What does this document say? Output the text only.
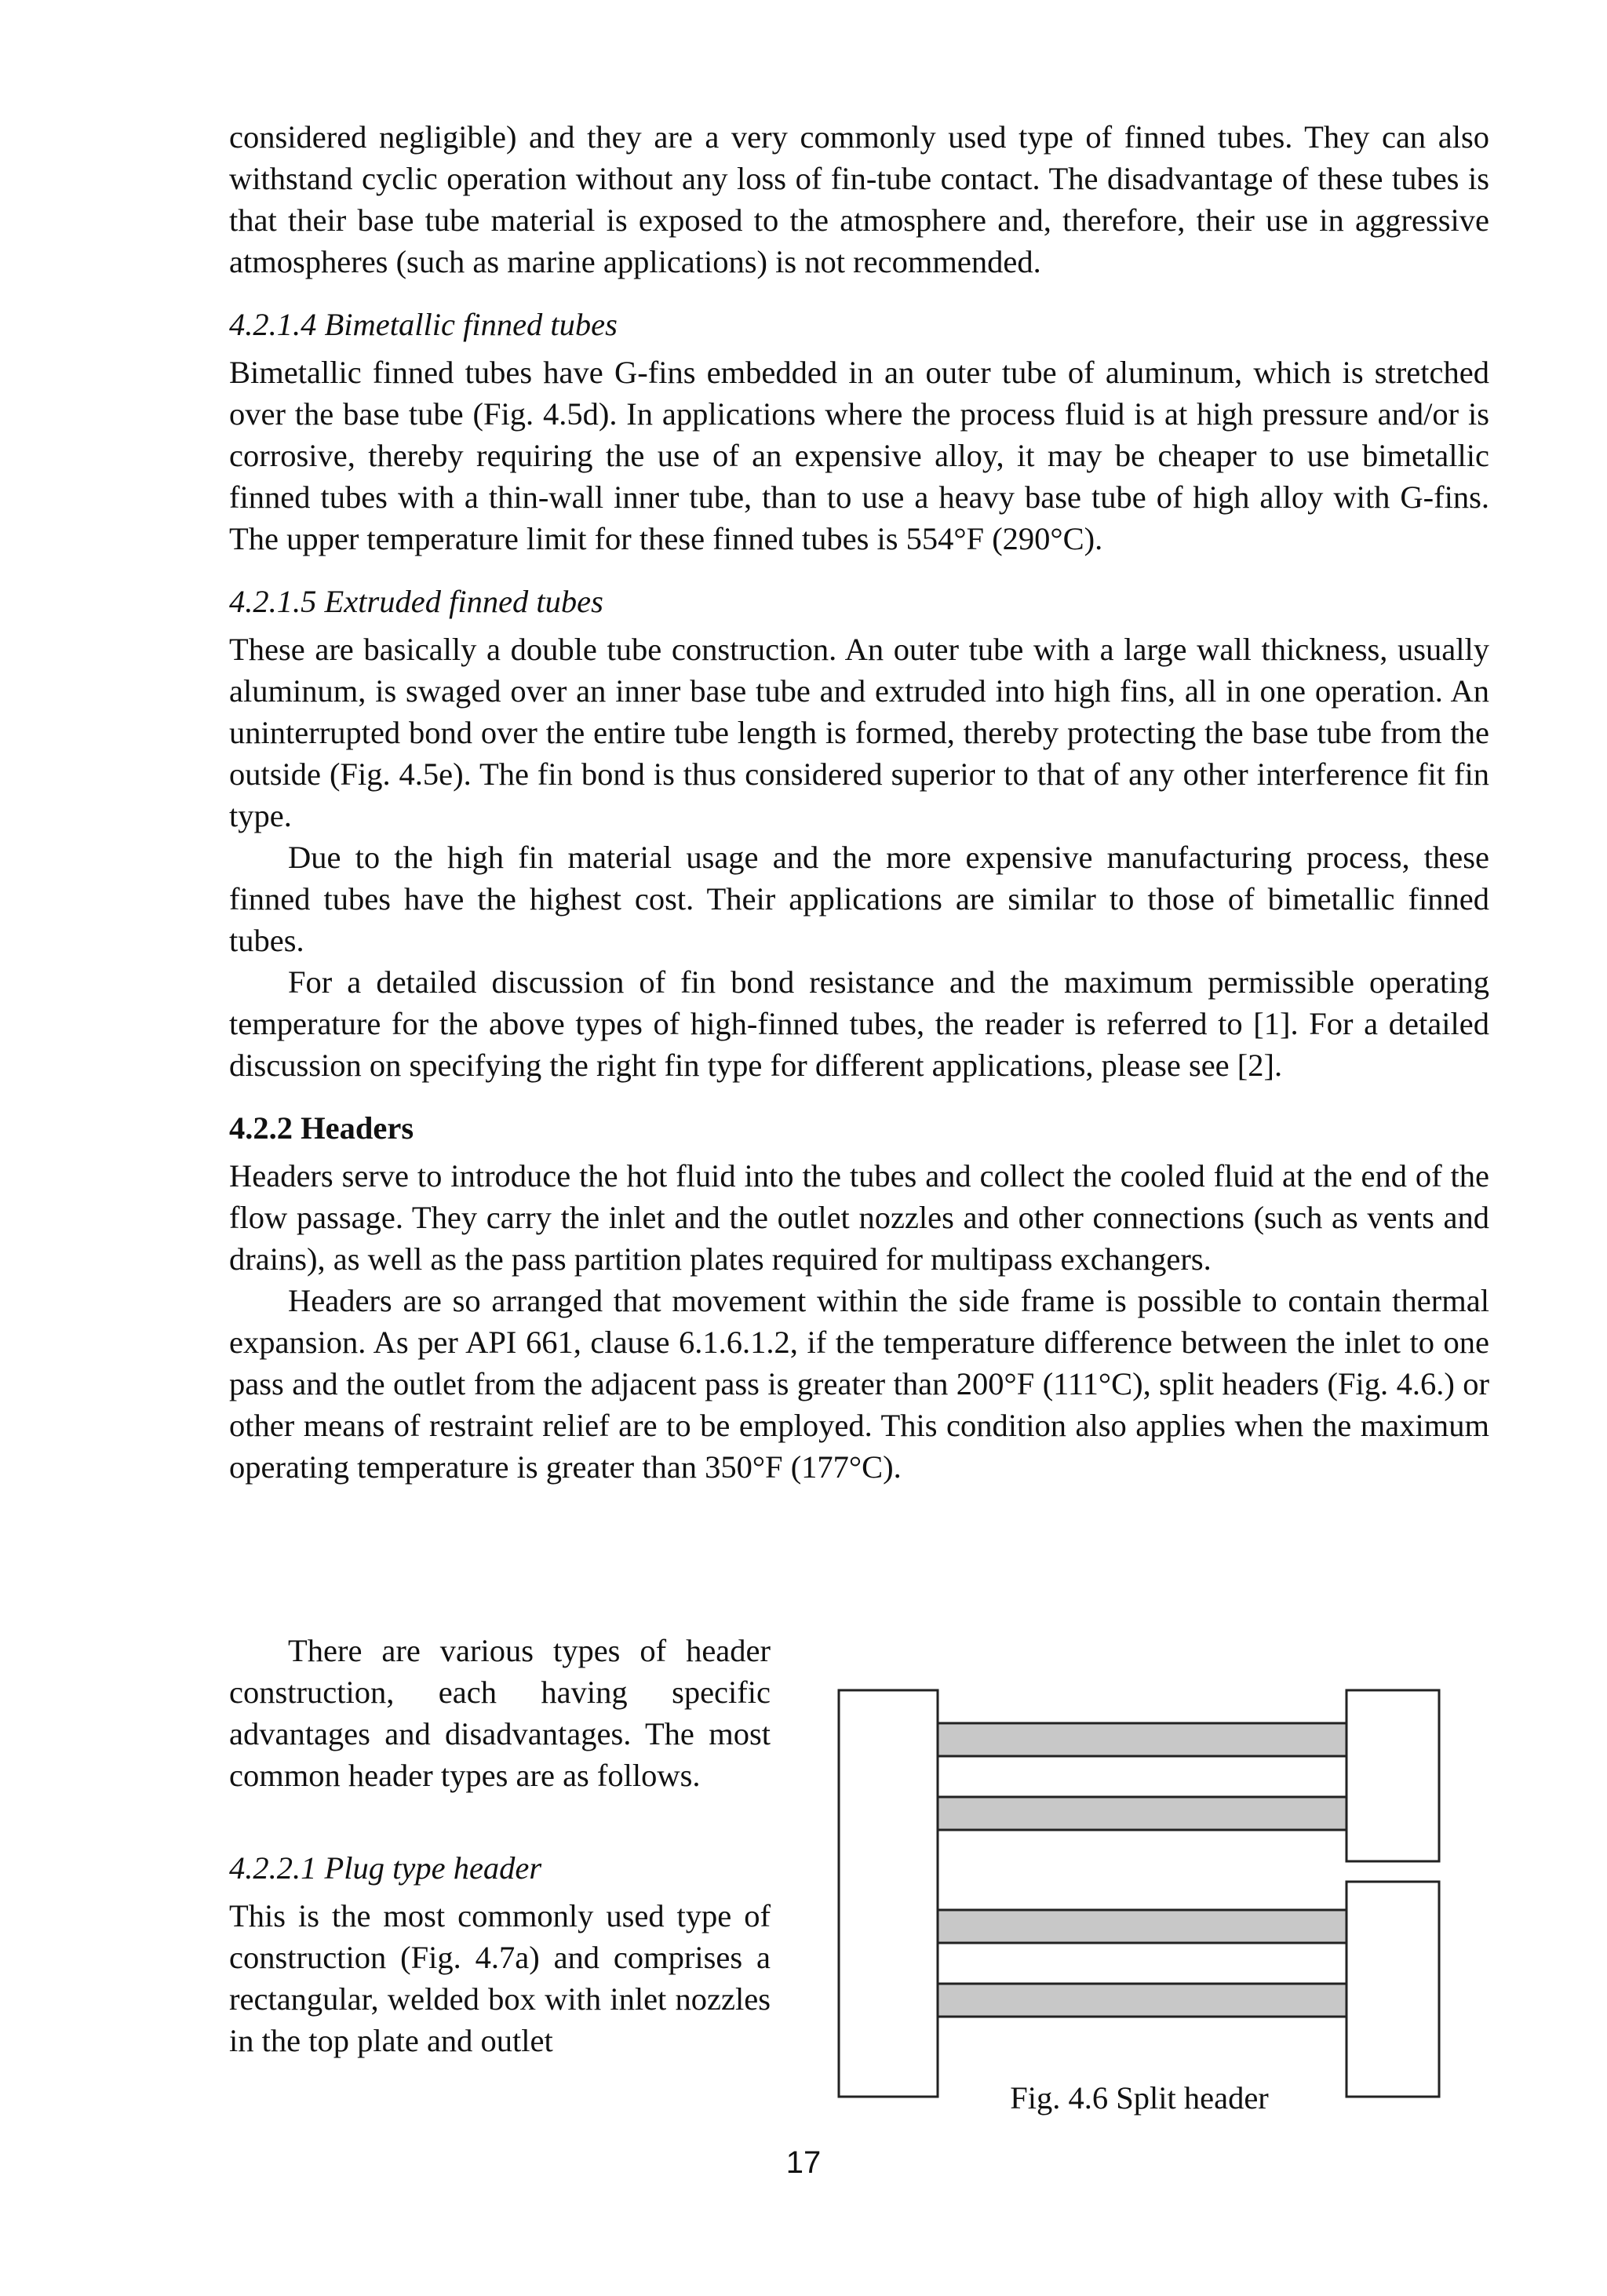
considered negligible) and they are a very commonly used type of finned tubes. They can also withstand cyclic operation without any loss of fin-tube contact. The disadvantage of these tubes is that their base tube material is exposed to the atmosphere and, therefore, their use in aggressive atmospheres (such as marine applications) is not recommended.

4.2.1.4 Bimetallic finned tubes

Bimetallic finned tubes have G-fins embedded in an outer tube of aluminum, which is stretched over the base tube (Fig. 4.5d). In applications where the process fluid is at high pressure and/or is corrosive, thereby requiring the use of an expensive alloy, it may be cheaper to use bimetallic finned tubes with a thin-wall inner tube, than to use a heavy base tube of high alloy with G-fins. The upper temperature limit for these finned tubes is 554°F (290°C).

4.2.1.5 Extruded finned tubes

These are basically a double tube construction. An outer tube with a large wall thickness, usually aluminum, is swaged over an inner base tube and extruded into high fins, all in one operation. An uninterrupted bond over the entire tube length is formed, thereby protecting the base tube from the outside (Fig. 4.5e). The fin bond is thus considered superior to that of any other interference fit fin type.

Due to the high fin material usage and the more expensive manufacturing process, these finned tubes have the highest cost. Their applications are similar to those of bimetallic finned tubes.

For a detailed discussion of fin bond resistance and the maximum permissible operating temperature for the above types of high-finned tubes, the reader is referred to [1]. For a detailed discussion on specifying the right fin type for different applications, please see [2].

4.2.2 Headers

Headers serve to introduce the hot fluid into the tubes and collect the cooled fluid at the end of the flow passage. They carry the inlet and the outlet nozzles and other connections (such as vents and drains), as well as the pass partition plates required for multipass exchangers.

Headers are so arranged that movement within the side frame is possible to contain thermal expansion. As per API 661, clause 6.1.6.1.2, if the temperature difference between the inlet to one pass and the outlet from the adjacent pass is greater than 200°F (111°C), split headers (Fig. 4.6.) or other means of restraint relief are to be employed. This condition also applies when the maximum operating temperature is greater than 350°F (177°C).

There are various types of header construction, each having specific advantages and disadvantages. The most common header types are as follows.

4.2.2.1 Plug type header

This is the most commonly used type of construction (Fig. 4.7a) and comprises a rectangular, welded box with inlet nozzles in the top plate and outlet

Fig. 4.6 Split header
17
